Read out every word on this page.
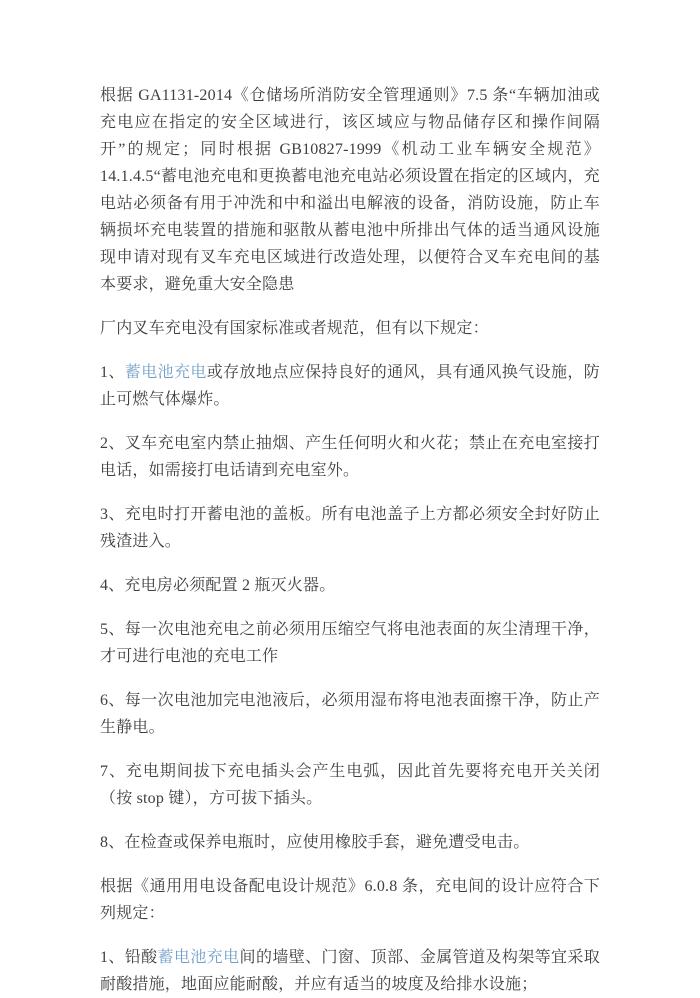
根据 GA1131-2014《仓储场所消防安全管理通则》7.5 条“车辆加油或充电应在指定的安全区域进行，该区域应与物品储存区和操作间隔开”的规定；同时根据 GB10827-1999《机动工业车辆安全规范》14.1.4.5“蓄电池充电和更换蓄电池充电站必须设置在指定的区域内，充电站必须备有用于冲洗和中和溢出电解液的设备，消防设施，防止车辆损坏充电装置的措施和驱散从蓄电池中所排出气体的适当通风设施现申请对现有叉车充电区域进行改造处理，以便符合叉车充电间的基本要求，避免重大安全隐患

厂内叉车充电没有国家标准或者规范，但有以下规定：

1、蓄电池充电或存放地点应保持良好的通风，具有通风换气设施，防止可燃气体爆炸。

2、叉车充电室内禁止抽烟、产生任何明火和火花；禁止在充电室接打电话，如需接打电话请到充电室外。

3、充电时打开蓄电池的盖板。所有电池盖子上方都必须安全封好防止残渣进入。

4、充电房必须配置 2 瓶灭火器。

5、每一次电池充电之前必须用压缩空气将电池表面的灰尘清理干净，才可进行电池的充电工作

6、每一次电池加完电池液后，必须用湿布将电池表面擦干净，防止产生静电。

7、充电期间拔下充电插头会产生电弧，因此首先要将充电开关关闭（按 stop 键），方可拔下插头。

8、在检查或保养电瓶时，应使用橡胶手套，避免遭受电击。

根据《通用用电设备配电设计规范》6.0.8 条，充电间的设计应符合下列规定：

1、铅酸蓄电池充电间的墙壁、门窗、顶部、金属管道及构架等宜采取耐酸措施，地面应能耐酸，并应有适当的坡度及给排水设施；
